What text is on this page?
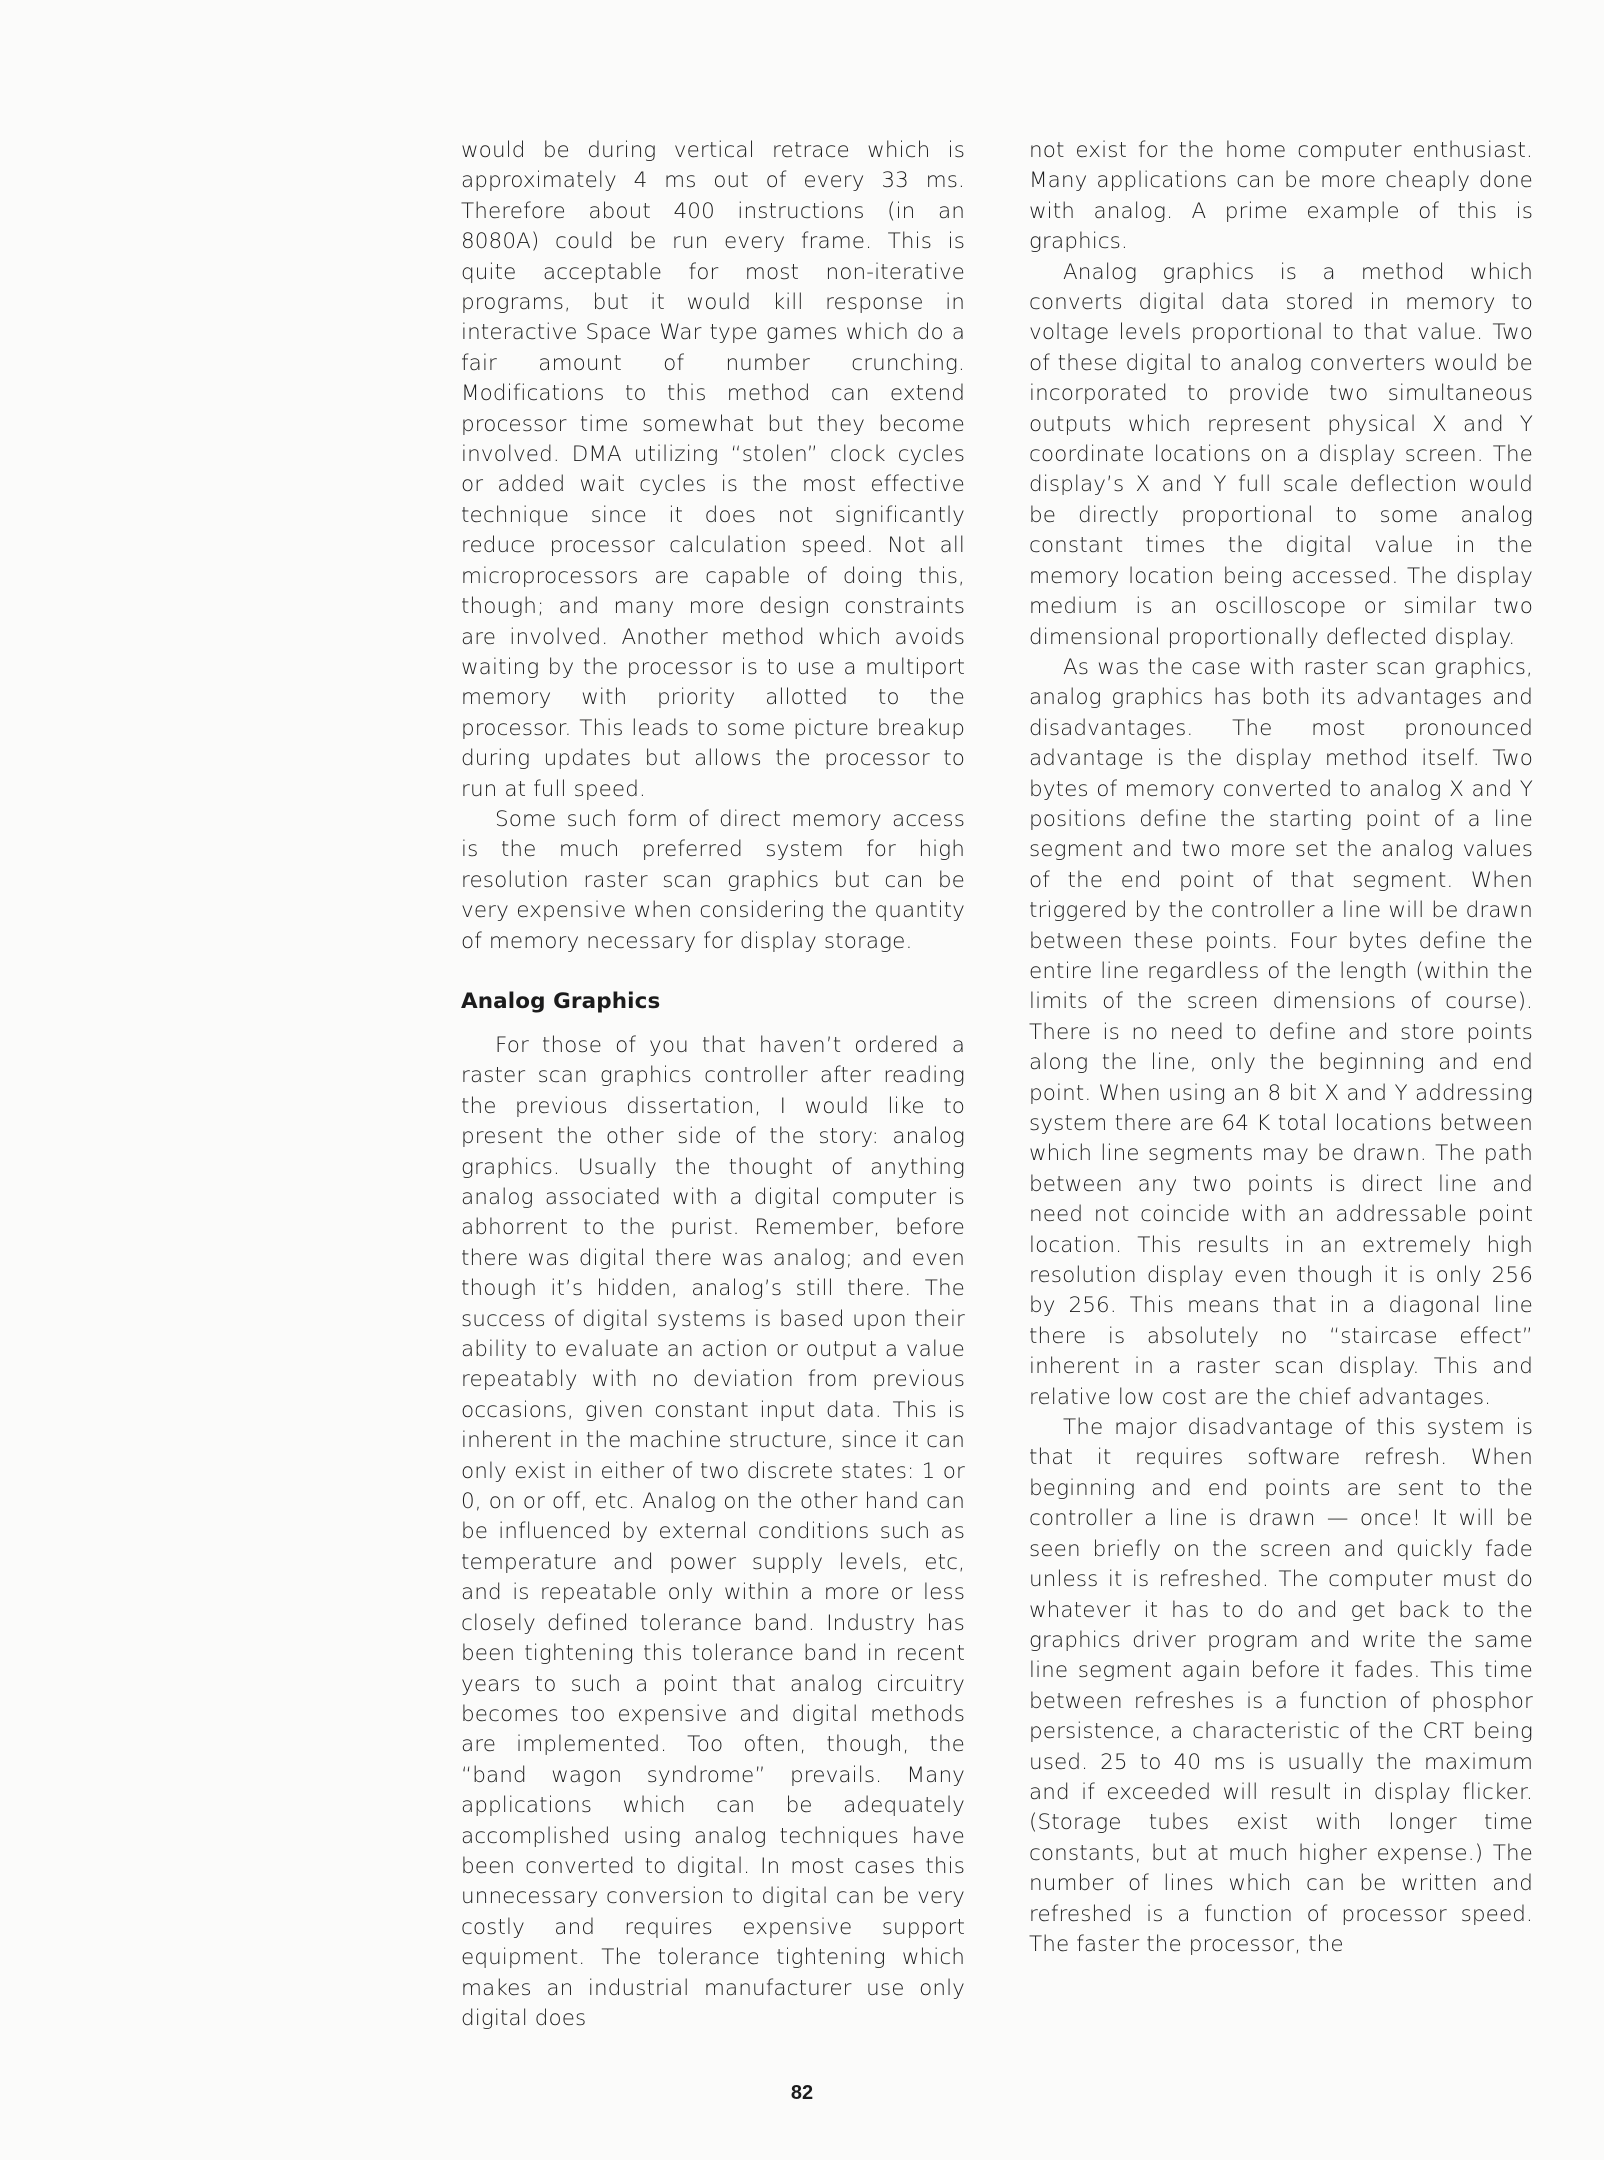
would be during vertical retrace which is approximately 4 ms out of every 33 ms. Therefore about 400 instructions (in an 8080A) could be run every frame. This is quite acceptable for most non-iterative programs, but it would kill response in interactive Space War type games which do a fair amount of number crunching. Modifications to this method can extend processor time somewhat but they become involved. DMA utilizing “stolen” clock cycles or added wait cycles is the most effective technique since it does not significantly reduce processor calculation speed. Not all microprocessors are capable of doing this, though; and many more design constraints are involved. Another method which avoids waiting by the processor is to use a multiport memory with priority allotted to the processor. This leads to some picture breakup during updates but allows the processor to run at full speed.

Some such form of direct memory access is the much preferred system for high resolution raster scan graphics but can be very expensive when considering the quantity of memory necessary for display storage.

Analog Graphics

For those of you that haven’t ordered a raster scan graphics controller after reading the previous dissertation, I would like to present the other side of the story: analog graphics. Usually the thought of anything analog associated with a digital computer is abhorrent to the purist. Remember, before there was digital there was analog; and even though it’s hidden, analog’s still there. The success of digital systems is based upon their ability to evaluate an action or output a value repeatably with no deviation from previous occasions, given constant input data. This is inherent in the machine structure, since it can only exist in either of two discrete states: 1 or 0, on or off, etc. Analog on the other hand can be influenced by external conditions such as temperature and power supply levels, etc, and is repeatable only within a more or less closely defined tolerance band. Industry has been tightening this tolerance band in recent years to such a point that analog circuitry becomes too expensive and digital methods are implemented. Too often, though, the “band wagon syndrome” prevails. Many applications which can be adequately accomplished using analog techniques have been converted to digital. In most cases this unnecessary conversion to digital can be very costly and requires expensive support equipment. The tolerance tightening which makes an industrial manufacturer use only digital does

not exist for the home computer enthusiast. Many applications can be more cheaply done with analog. A prime example of this is graphics.

Analog graphics is a method which converts digital data stored in memory to voltage levels proportional to that value. Two of these digital to analog converters would be incorporated to provide two simultaneous outputs which represent physical X and Y coordinate locations on a display screen. The display’s X and Y full scale deflection would be directly proportional to some analog constant times the digital value in the memory location being accessed. The display medium is an oscilloscope or similar two dimensional proportionally deflected display.

As was the case with raster scan graphics, analog graphics has both its advantages and disadvantages. The most pronounced advantage is the display method itself. Two bytes of memory converted to analog X and Y positions define the starting point of a line segment and two more set the analog values of the end point of that segment. When triggered by the controller a line will be drawn between these points. Four bytes define the entire line regardless of the length (within the limits of the screen dimensions of course). There is no need to define and store points along the line, only the beginning and end point. When using an 8 bit X and Y addressing system there are 64 K total locations between which line segments may be drawn. The path between any two points is direct line and need not coincide with an addressable point location. This results in an extremely high resolution display even though it is only 256 by 256. This means that in a diagonal line there is absolutely no “staircase effect” inherent in a raster scan display. This and relative low cost are the chief advantages.

The major disadvantage of this system is that it requires software refresh. When beginning and end points are sent to the controller a line is drawn — once! It will be seen briefly on the screen and quickly fade unless it is refreshed. The computer must do whatever it has to do and get back to the graphics driver program and write the same line segment again before it fades. This time between refreshes is a function of phosphor persistence, a characteristic of the CRT being used. 25 to 40 ms is usually the maximum and if exceeded will result in display flicker. (Storage tubes exist with longer time constants, but at much higher expense.) The number of lines which can be written and refreshed is a function of processor speed. The faster the processor, the

82
